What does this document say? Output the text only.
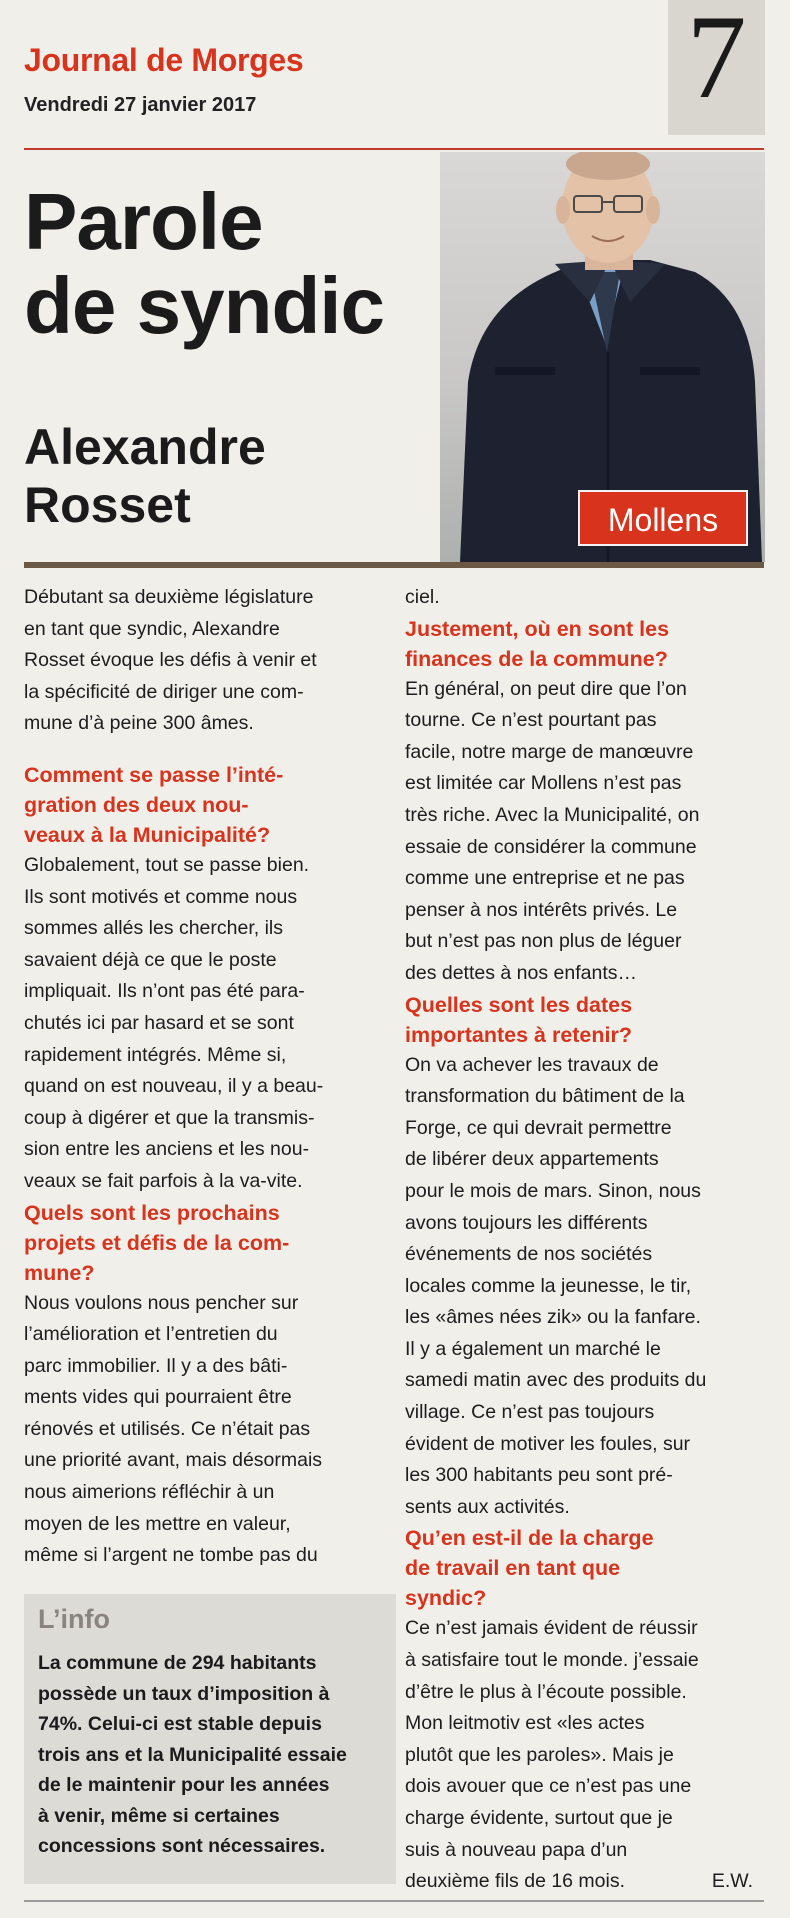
Journal de Morges
Vendredi 27 janvier 2017	7
Mollens
Parole
de syndic
Alexandre
Rosset

Débutant sa deuxième législature
en tant que syndic, Alexandre
Rosset évoque les défis à venir et
la spécificité de diriger une com-
mune d’à peine 300 âmes.

Comment se passe l’inté-
gration des deux nou-
veaux à la Municipalité?

Globalement, tout se passe bien.
Ils sont motivés et comme nous
sommes allés les chercher, ils
savaient déjà ce que le poste
impliquait. Ils n’ont pas été para-
chutés ici par hasard et se sont
rapidement intégrés. Même si,
quand on est nouveau, il y a beau-
coup à digérer et que la transmis-
sion entre les anciens et les nou-
veaux se fait parfois à la va-vite.

Quels sont les prochains
projets et défis de la com-
mune?

Nous voulons nous pencher sur
l’amélioration et l’entretien du
parc immobilier. Il y a des bâti-
ments vides qui pourraient être
rénovés et utilisés. Ce n’était pas
une priorité avant, mais désormais
nous aimerions réfléchir à un
moyen de les mettre en valeur,
même si l’argent ne tombe pas du

ciel.

Justement, où en sont les
finances de la commune?

En général, on peut dire que l’on
tourne. Ce n’est pourtant pas
facile, notre marge de manœuvre
est limitée car Mollens n’est pas
très riche. Avec la Municipalité, on
essaie de considérer la commune
comme une entreprise et ne pas
penser à nos intérêts privés. Le
but n’est pas non plus de léguer
des dettes à nos enfants…

Quelles sont les dates
importantes à retenir?

On va achever les travaux de
transformation du bâtiment de la
Forge, ce qui devrait permettre
de libérer deux appartements
pour le mois de mars. Sinon, nous
avons toujours les différents
événements de nos sociétés
locales comme la jeunesse, le tir,
les «âmes nées zik» ou la fanfare.
Il y a également un marché le
samedi matin avec des produits du
village. Ce n’est pas toujours
évident de motiver les foules, sur
les 300 habitants peu sont pré-
sents aux activités.

Qu’en est-il de la charge
de travail en tant que
syndic?

Ce n’est jamais évident de réussir
à satisfaire tout le monde. j’essaie
d’être le plus à l’écoute possible.
Mon leitmotiv est «les actes
plutôt que les paroles». Mais je
dois avouer que ce n’est pas une
charge évidente, surtout que je
suis à nouveau papa d’un
deuxième fils de 16 mois.	E.W.

L’info
La commune de 294 habitants
possède un taux d’imposition à
74%. Celui-ci est stable depuis
trois ans et la Municipalité essaie
de le maintenir pour les années
à venir, même si certaines
concessions sont nécessaires.
